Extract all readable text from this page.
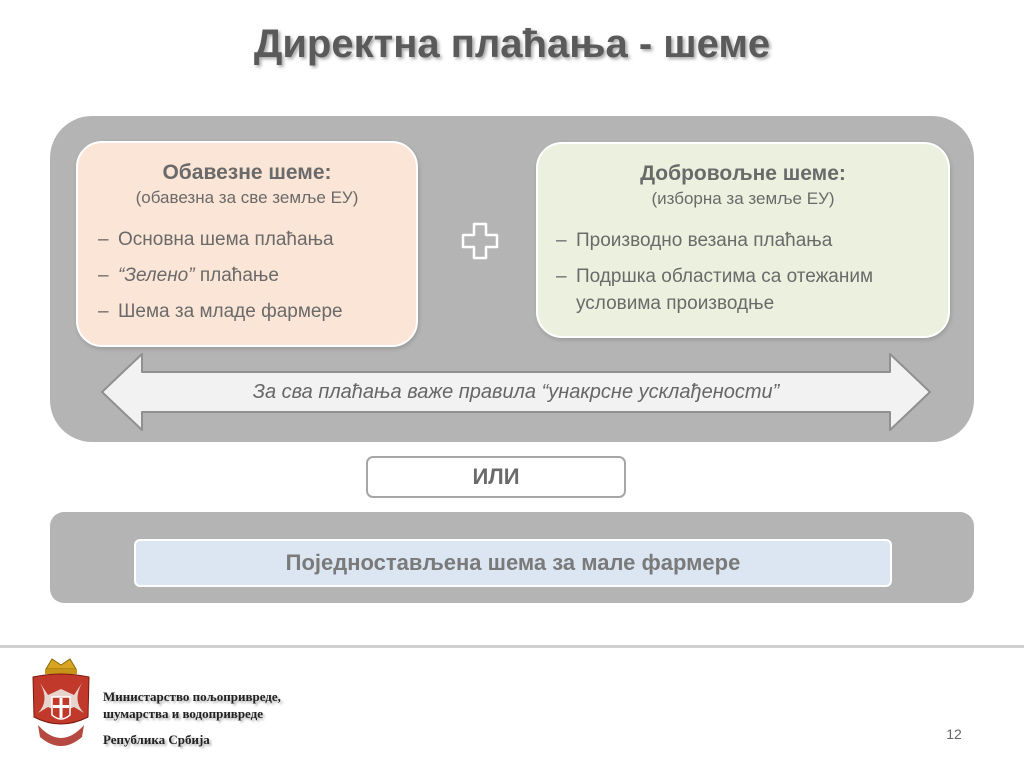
Директна плаћања - шеме
Обавезне шеме:
(обавезна за све земље ЕУ)
– Основна шема плаћања
– “Зелено” плаћање
– Шема за младе фармере
Добровољне шеме:
(изборна за земље ЕУ)
– Производно везана плаћања
– Подршка областима са отежаним условима производње
За сва плаћања важе правила “унакрсне усклађености”
ИЛИ
Поједностављена шема за мале фармере
Министарство пољопривреде,
шумарства и водопривреде
Република Србија	12
